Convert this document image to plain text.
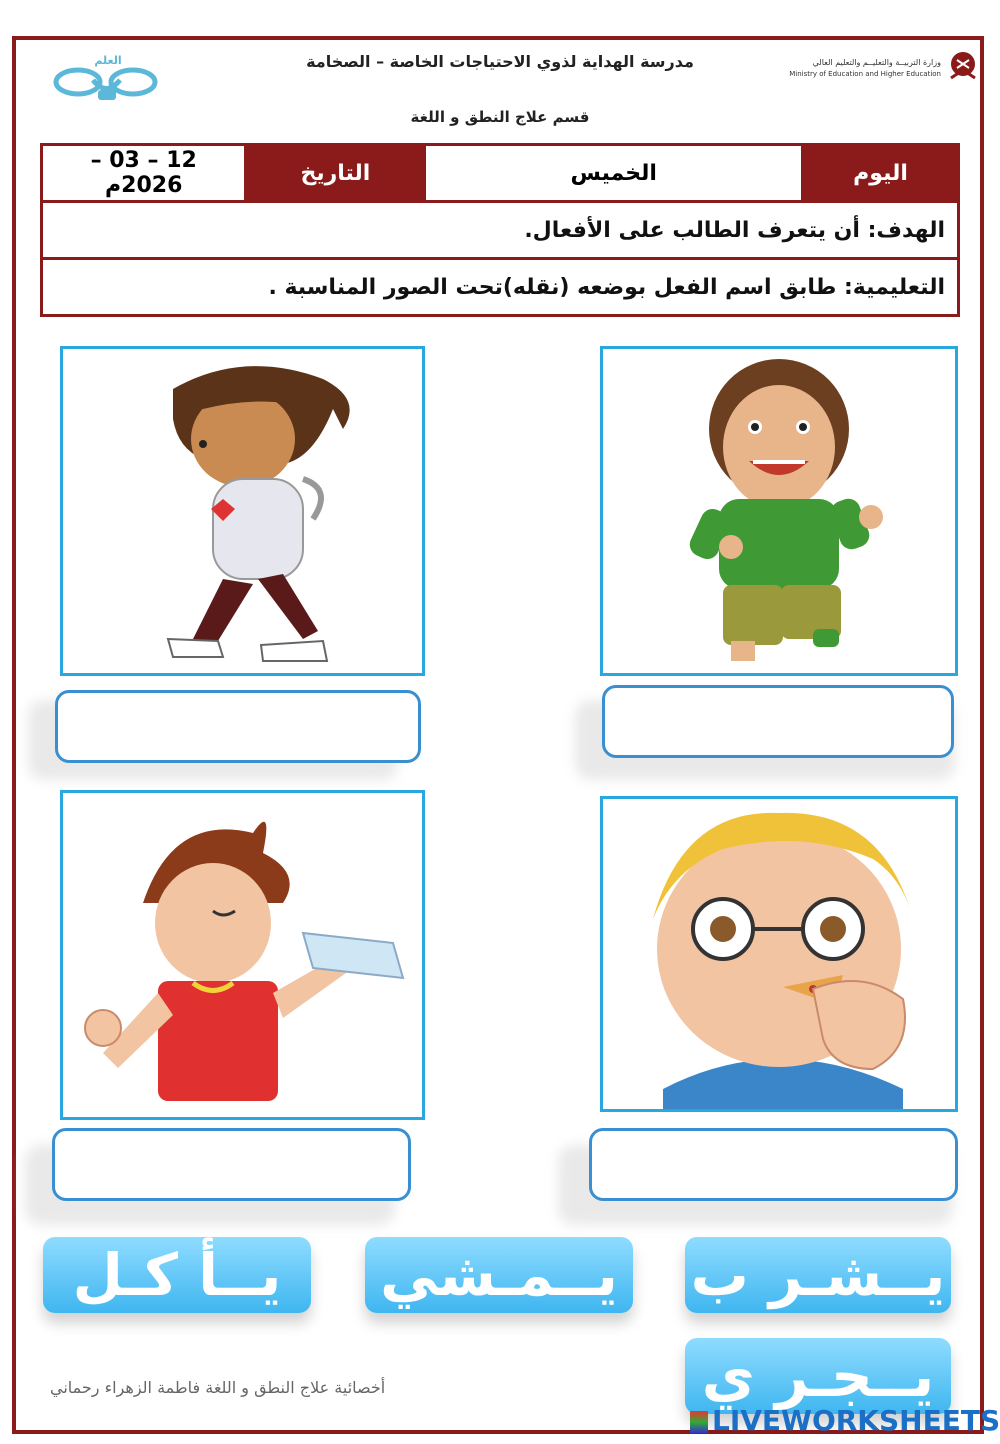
العلم	مدرسة الهداية لذوي الاحتياجات الخاصة – الصخامة
قسم علاج النطق و اللغة
وزارة التربيــة والتعليــم والتعليم العالي
Ministry of Education and Higher Education
12 – 03 – 2026م	التاريخ	الخميس	اليوم
الهدف: أن يتعرف الطالب على الأفعال.
التعليمية: طابق اسم الفعل بوضعه (نقله)تحت الصور المناسبة .
يــشـر ب
يــمـشي
يــأ كـل
يــجـر ي
أخصائية علاج النطق و اللغة فاطمة الزهراء رحماني
LIVEWORKSHEETS
